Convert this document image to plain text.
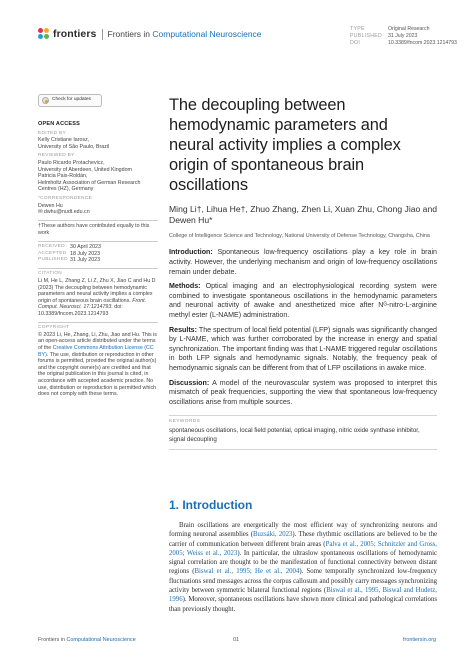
frontiers Frontiers in Computational Neuroscience	TYPE	Original Research
PUBLISHED	31 July 2023
DOI	10.3389/fncom.2023.1214793
Check for updates
OPEN ACCESS
EDITED BY
Kelly Cristiane Iarosz,
University of São Paulo, Brazil
REVIEWED BY
Paulo Ricardo Protachevicz,
University of Aberdeen, United Kingdom
Patricia Pais-Roldán,
Helmholtz Association of German Research
Centres (HZ), Germany
*CORRESPONDENCE
Dewen Hu
✉ dwhu@nudt.edu.cn
†These authors have contributed equally to this work
RECEIVED 30 April 2023
ACCEPTED 18 July 2023
PUBLISHED 31 July 2023
CITATION
Li M, He L, Zhang Z, Li Z, Zhu X, Jiao C and Hu D (2023) The decoupling between hemodynamic parameters and neural activity implies a complex origin of spontaneous brain oscillations. Front. Comput. Neurosci. 17:1214793. doi: 10.3389/fncom.2023.1214793
COPYRIGHT
© 2023 Li, He, Zhang, Li, Zhu, Jiao and Hu. This is an open-access article distributed under the terms of the Creative Commons Attribution License (CC BY). The use, distribution or reproduction in other forums is permitted, provided the original author(s) and the copyright owner(s) are credited and that the original publication in this journal is cited, in accordance with accepted academic practice. No use, distribution or reproduction is permitted which does not comply with these terms.
The decoupling between hemodynamic parameters and neural activity implies a complex origin of spontaneous brain oscillations
Ming Li†, Lihua He†, Zhuo Zhang, Zhen Li, Xuan Zhu, Chong Jiao and Dewen Hu*
College of Intelligence Science and Technology, National University of Defense Technology, Changsha, China

Introduction: Spontaneous low-frequency oscillations play a key role in brain activity. However, the underlying mechanism and origin of low-frequency oscillations remain under debate.

Methods: Optical imaging and an electrophysiological recording system were combined to investigate spontaneous oscillations in the hemodynamic parameters and neuronal activity of awake and anesthetized mice after Nᴳ-nitro-L-arginine methyl ester (L-NAME) administration.

Results: The spectrum of local field potential (LFP) signals was significantly changed by L-NAME, which was further corroborated by the increase in energy and spatial synchronization. The important finding was that L-NAME triggered regular oscillations in both LFP signals and hemodynamic signals. Notably, the frequency peak of hemodynamic signals can be different from that of LFP oscillations in awake mice.

Discussion: A model of the neurovascular system was proposed to interpret this mismatch of peak frequencies, supporting the view that spontaneous low-frequency oscillations arise from multiple sources.

KEYWORDS
spontaneous oscillations, local field potential, optical imaging, nitric oxide synthase inhibitor, signal decoupling
1. Introduction
Brain oscillations are energetically the most efficient way of synchronizing neurons and forming neuronal assemblies (Buzsáki, 2023). These rhythmic oscillations are believed to be the carrier of communication between different brain areas (Palva et al., 2005; Schnitzler and Gross, 2005; Weiss et al., 2023). In particular, the ultraslow spontaneous oscillations of hemodynamic signal correlation are thought to be the manifestation of functional connectivity between distant regions (Biswal et al., 1995; He et al., 2004). Some temporally synchronized low-frequency fluctuations send messages across the corpus callosum and possibly carry messages synchronizing activity between symmetric bilateral functional regions (Biswal et al., 1995, Biswal and Hudetz, 1996). Moreover, spontaneous oscillations have shown more clinical and pathological correlations than previously thought.
Frontiers in Computational Neuroscience	01	frontiersin.org
